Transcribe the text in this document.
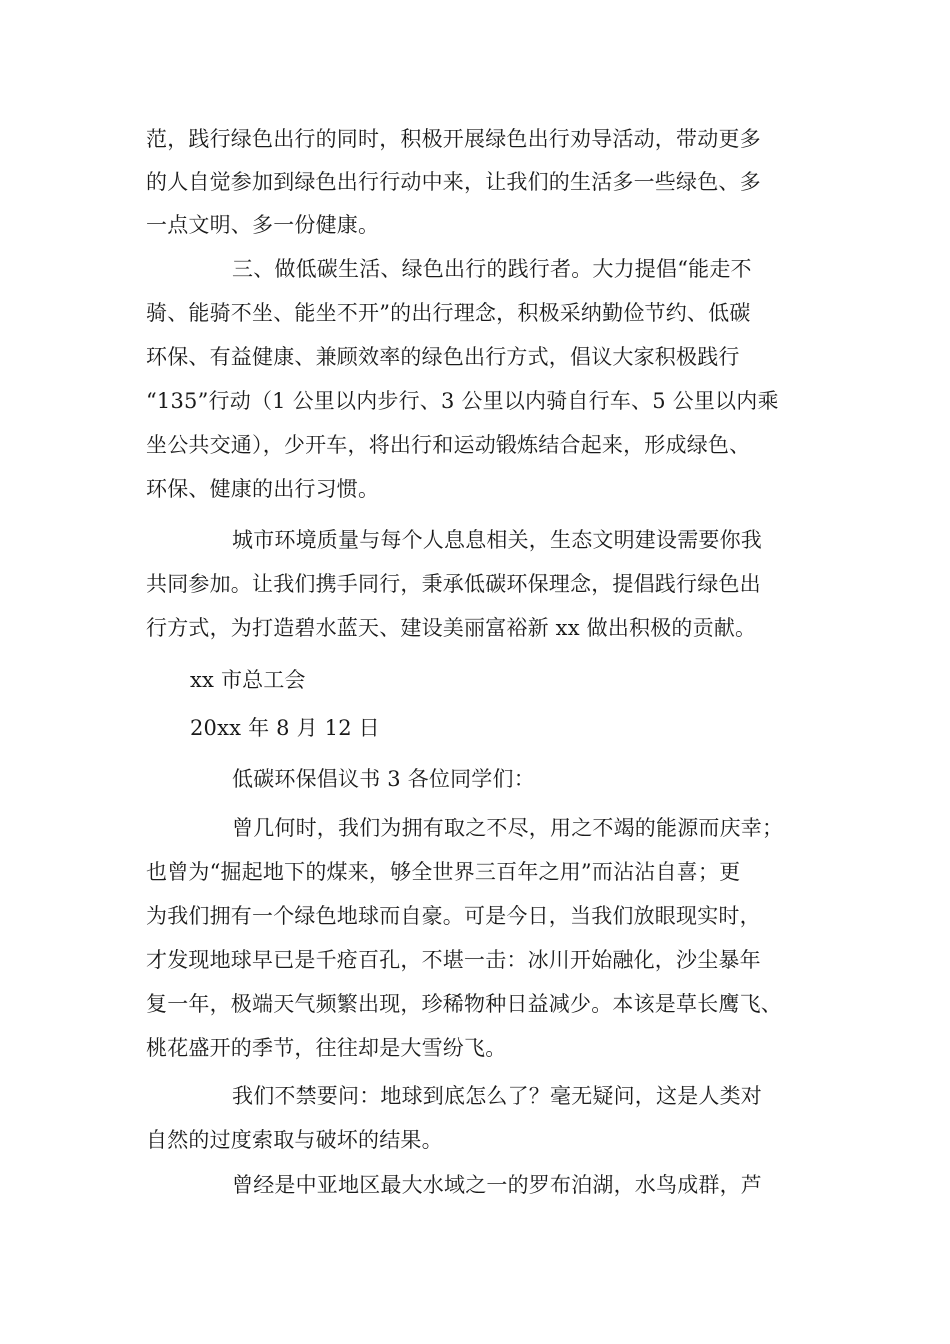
范，践行绿色出行的同时，积极开展绿色出行劝导活动，带动更多
的人自觉参加到绿色出行行动中来，让我们的生活多一些绿色、多
一点文明、多一份健康。
三、做低碳生活、绿色出行的践行者。大力提倡“能走不
骑、能骑不坐、能坐不开”的出行理念，积极采纳勤俭节约、低碳
环保、有益健康、兼顾效率的绿色出行方式，倡议大家积极践行
“135”行动（1 公里以内步行、3 公里以内骑自行车、5 公里以内乘
坐公共交通），少开车，将出行和运动锻炼结合起来，形成绿色、
环保、健康的出行习惯。
城市环境质量与每个人息息相关，生态文明建设需要你我
共同参加。让我们携手同行，秉承低碳环保理念，提倡践行绿色出
行方式，为打造碧水蓝天、建设美丽富裕新 xx 做出积极的贡献。
xx 市总工会
20xx 年 8 月 12 日
低碳环保倡议书 3 各位同学们：
曾几何时，我们为拥有取之不尽，用之不竭的能源而庆幸；
也曾为“掘起地下的煤来，够全世界三百年之用”而沾沾自喜；更
为我们拥有一个绿色地球而自豪。可是今日，当我们放眼现实时，
才发现地球早已是千疮百孔，不堪一击：冰川开始融化，沙尘暴年
复一年，极端天气频繁出现，珍稀物种日益减少。本该是草长鹰飞、
桃花盛开的季节，往往却是大雪纷飞。
我们不禁要问：地球到底怎么了？毫无疑问，这是人类对
自然的过度索取与破坏的结果。
曾经是中亚地区最大水域之一的罗布泊湖，水鸟成群，芦
